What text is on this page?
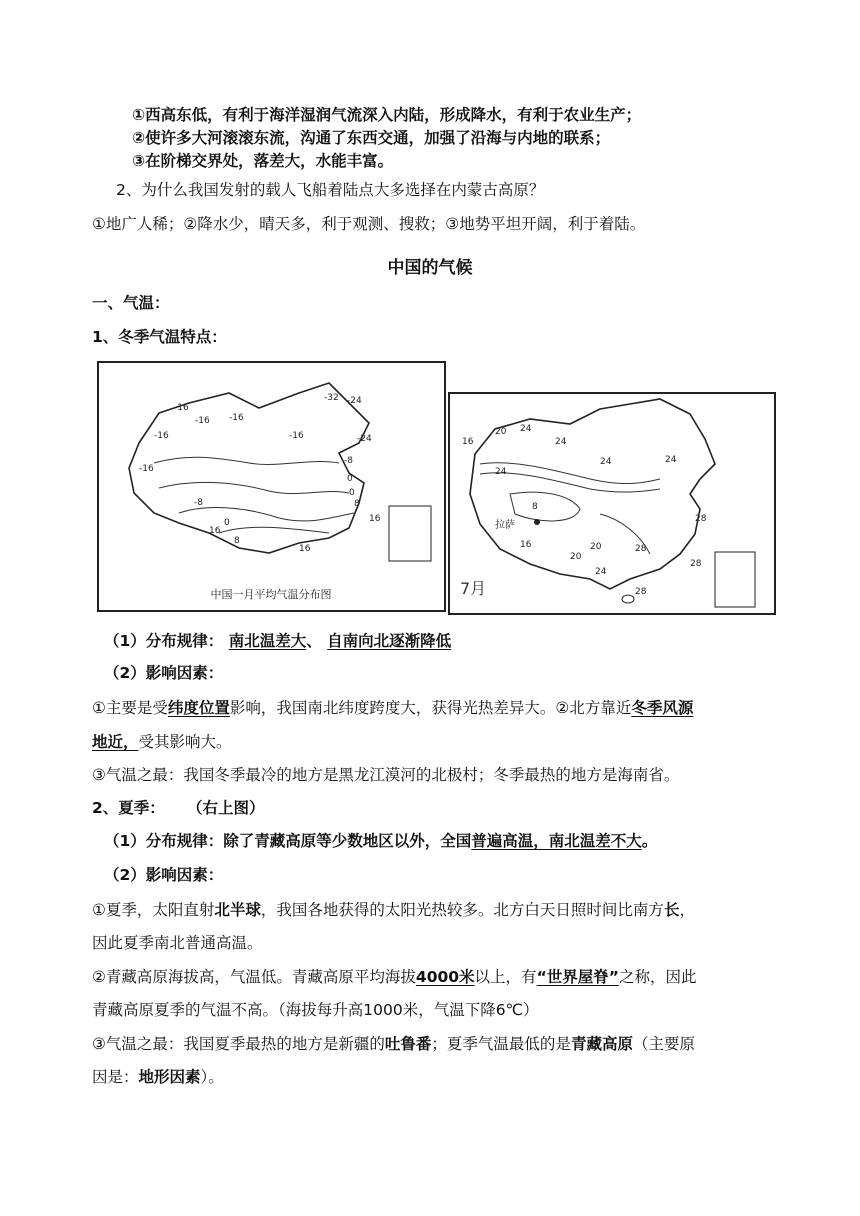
①西高东低，有利于海洋湿润气流深入内陆，形成降水，有利于农业生产；
②使许多大河滚滚东流，沟通了东西交通，加强了沿海与内地的联系；
③在阶梯交界处，落差大，水能丰富。
2、为什么我国发射的载人飞船着陆点大多选择在内蒙古高原？
①地广人稀；②降水少，晴天多，利于观测、搜救；③地势平坦开阔，利于着陆。
中国的气候
一、气温：
1、冬季气温特点：
-32 -24
-16
-16 -16
-16	-16	-24
-16
-8
0
0
8
16
16
-8
0
8
16
中国一月平均气温分布图
16
20 24
24
24	24
24
8
16
20
20
24
28
28
28
28
拉萨
7月
（1）分布规律： 南北温差大、 自南向北逐渐降低
（2）影响因素：
①主要是受纬度位置影响，我国南北纬度跨度大，获得光热差异大。②北方靠近冬季风源
地近，受其影响大。
③气温之最：我国冬季最冷的地方是黑龙江漠河的北极村；冬季最热的地方是海南省。
2、夏季： （右上图）
（1）分布规律：除了青藏高原等少数地区以外，全国普遍高温，南北温差不大。
（2）影响因素：
①夏季，太阳直射北半球，我国各地获得的太阳光热较多。北方白天日照时间比南方长，
因此夏季南北普通高温。
②青藏高原海拔高，气温低。青藏高原平均海拔4000米以上，有“世界屋脊”之称，因此
青藏高原夏季的气温不高。（海拔每升高1000米，气温下降6℃）
③气温之最：我国夏季最热的地方是新疆的吐鲁番；夏季气温最低的是青藏高原（主要原
因是：地形因素）。
